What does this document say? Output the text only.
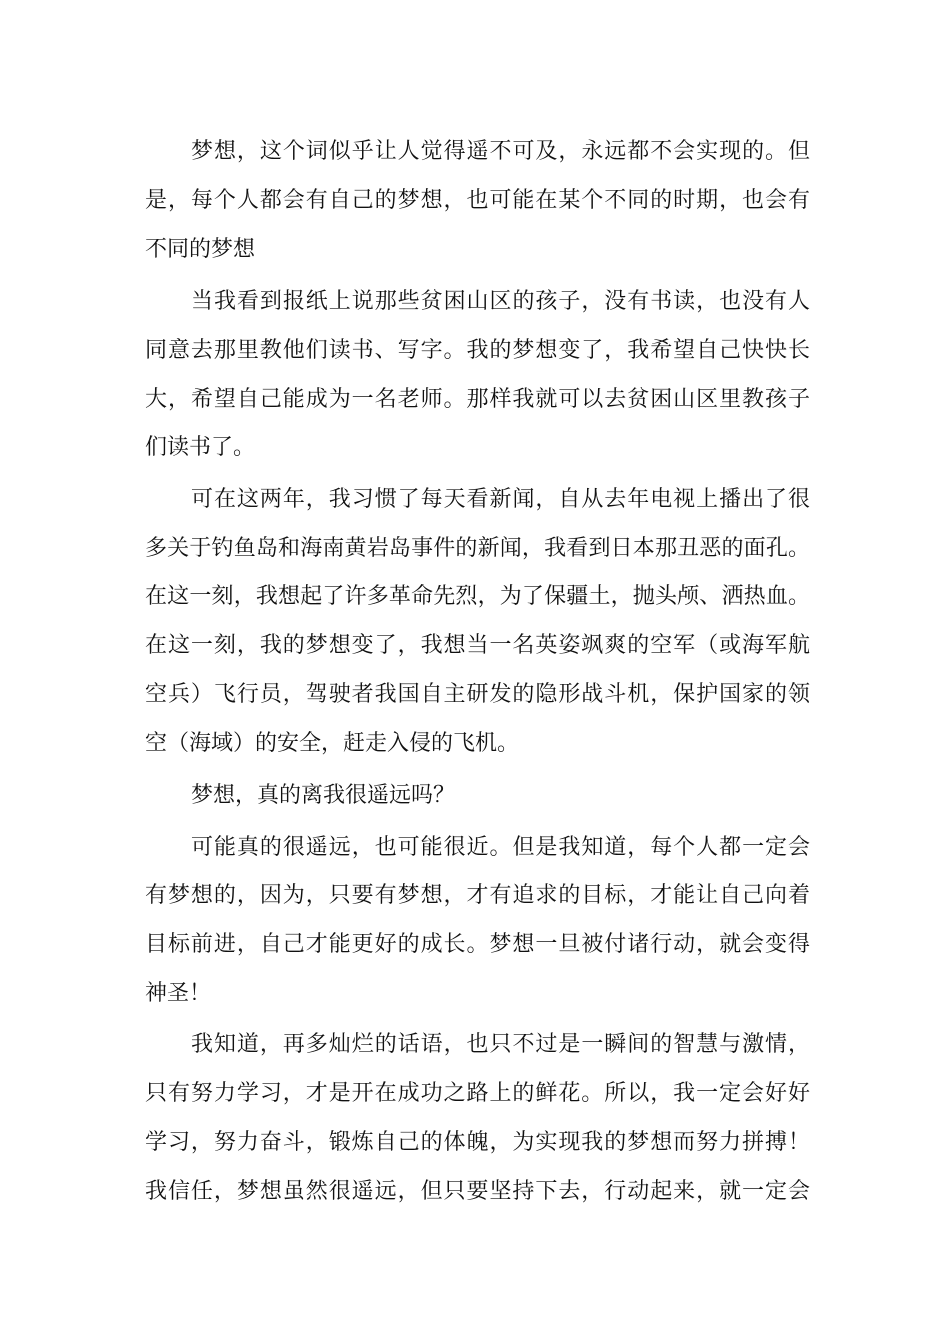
梦想，这个词似乎让人觉得遥不可及，永远都不会实现的。但
是，每个人都会有自己的梦想，也可能在某个不同的时期，也会有
不同的梦想
当我看到报纸上说那些贫困山区的孩子，没有书读，也没有人
同意去那里教他们读书、写字。我的梦想变了，我希望自己快快长
大，希望自己能成为一名老师。那样我就可以去贫困山区里教孩子
们读书了。
可在这两年，我习惯了每天看新闻，自从去年电视上播出了很
多关于钓鱼岛和海南黄岩岛事件的新闻，我看到日本那丑恶的面孔。
在这一刻，我想起了许多革命先烈，为了保疆土，抛头颅、洒热血。
在这一刻，我的梦想变了，我想当一名英姿飒爽的空军（或海军航
空兵）飞行员，驾驶者我国自主研发的隐形战斗机，保护国家的领
空（海域）的安全，赶走入侵的飞机。
梦想，真的离我很遥远吗？
可能真的很遥远，也可能很近。但是我知道，每个人都一定会
有梦想的，因为，只要有梦想，才有追求的目标，才能让自己向着
目标前进，自己才能更好的成长。梦想一旦被付诸行动，就会变得
神圣！
我知道，再多灿烂的话语，也只不过是一瞬间的智慧与激情，
只有努力学习，才是开在成功之路上的鲜花。所以，我一定会好好
学习，努力奋斗，锻炼自己的体魄，为实现我的梦想而努力拼搏！
我信任，梦想虽然很遥远，但只要坚持下去，行动起来，就一定会
